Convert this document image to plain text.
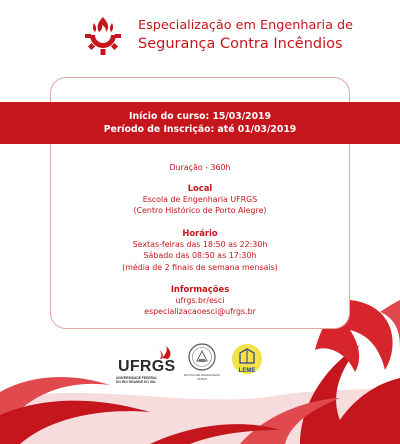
Especialização em Engenharia de
Segurança Contra Incêndios
Início do curso: 15/03/2019
Período de Inscrição: até 01/03/2019
Duração - 360h
Local
Escola de Engenharia UFRGS
(Centro Histórico de Porto Alegre)
Horário
Sextas-feiras das 18:50 as 22:30h
Sábado das 08:50 as 17:30h
(média de 2 finais de semana mensais)
Informações
ufrgs.br/esci
especializacaoesci@ufrgs.br
UFRGS
UNIVERSIDADE FEDERAL
DO RIO GRANDE DO SUL
ESCOLA DE ENGENHARIA
UFRGS
LEME
